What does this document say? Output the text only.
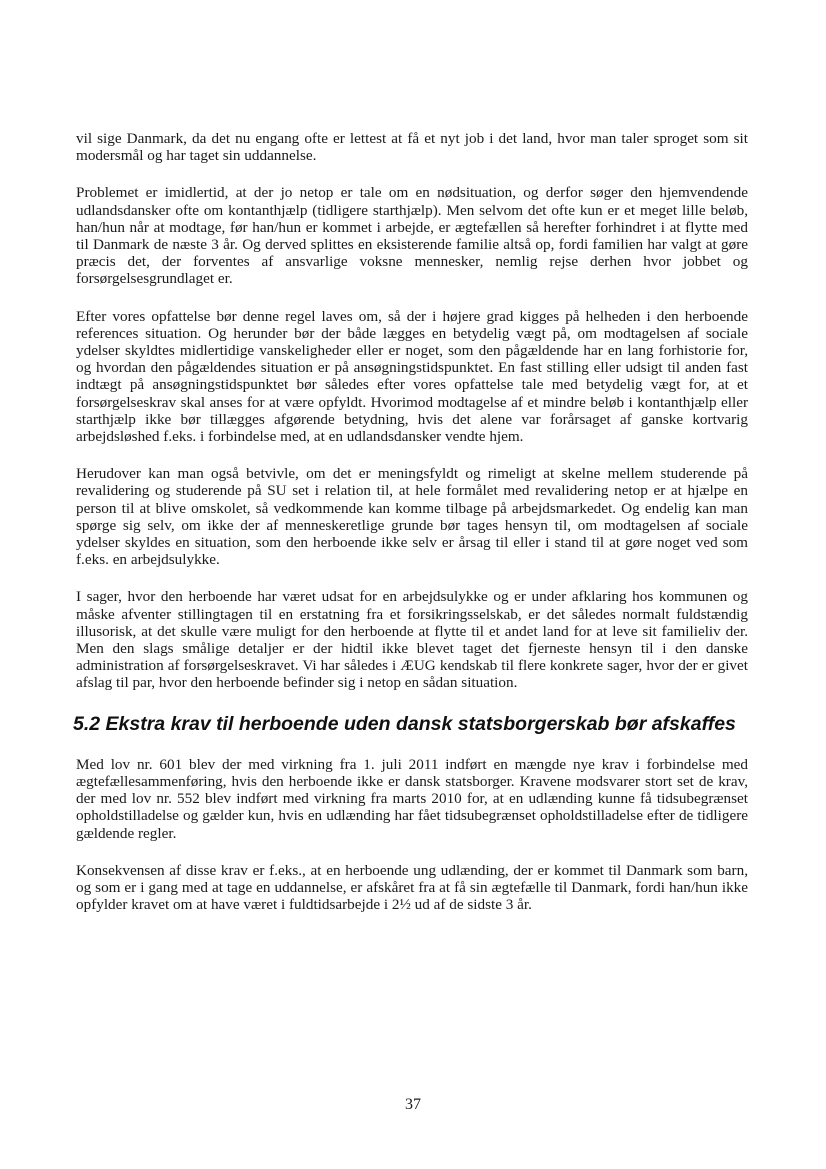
vil sige Danmark, da det nu engang ofte er lettest at få et nyt job i det land, hvor man taler sproget som sit modersmål og har taget sin uddannelse.

Problemet er imidlertid, at der jo netop er tale om en nødsituation, og derfor søger den hjemvendende udlandsdansker ofte om kontanthjælp (tidligere starthjælp). Men selvom det ofte kun er et meget lille beløb, han/hun når at modtage, før han/hun er kommet i arbejde, er ægtefællen så herefter forhindret i at flytte med til Danmark de næste 3 år. Og derved splittes en eksisterende familie altså op, fordi familien har valgt at gøre præcis det, der forventes af ansvarlige voksne mennesker, nemlig rejse derhen hvor jobbet og forsørgelsesgrundlaget er.

Efter vores opfattelse bør denne regel laves om, så der i højere grad kigges på helheden i den herboende references situation. Og herunder bør der både lægges en betydelig vægt på, om modtagelsen af sociale ydelser skyldtes midlertidige vanskeligheder eller er noget, som den pågældende har en lang forhistorie for, og hvordan den pågældendes situation er på ansøgningstidspunktet. En fast stilling eller udsigt til anden fast indtægt på ansøgningstidspunktet bør således efter vores opfattelse tale med betydelig vægt for, at et forsørgelseskrav skal anses for at være opfyldt. Hvorimod modtagelse af et mindre beløb i kontanthjælp eller starthjælp ikke bør tillægges afgørende betydning, hvis det alene var forårsaget af ganske kortvarig arbejdsløshed f.eks. i forbindelse med, at en udlandsdansker vendte hjem.

Herudover kan man også betvivle, om det er meningsfyldt og rimeligt at skelne mellem studerende på revalidering og studerende på SU set i relation til, at hele formålet med revalidering netop er at hjælpe en person til at blive omskolet, så vedkommende kan komme tilbage på arbejdsmarkedet. Og endelig kan man spørge sig selv, om ikke der af menneskeretlige grunde bør tages hensyn til, om modtagelsen af sociale ydelser skyldes en situation, som den herboende ikke selv er årsag til eller i stand til at gøre noget ved som f.eks. en arbejdsulykke.

I sager, hvor den herboende har været udsat for en arbejdsulykke og er under afklaring hos kommunen og måske afventer stillingtagen til en erstatning fra et forsikringsselskab, er det således normalt fuldstændig illusorisk, at det skulle være muligt for den herboende at flytte til et andet land for at leve sit familieliv der. Men den slags smålige detaljer er der hidtil ikke blevet taget det fjerneste hensyn til i den danske administration af forsørgelseskravet. Vi har således i ÆUG kendskab til flere konkrete sager, hvor der er givet afslag til par, hvor den herboende befinder sig i netop en sådan situation.

5.2 Ekstra krav til herboende uden dansk statsborgerskab bør afskaffes

Med lov nr. 601 blev der med virkning fra 1. juli 2011 indført en mængde nye krav i forbindelse med ægtefællesammenføring, hvis den herboende ikke er dansk statsborger. Kravene modsvarer stort set de krav, der med lov nr. 552 blev indført med virkning fra marts 2010 for, at en udlænding kunne få tidsubegrænset opholdstilladelse og gælder kun, hvis en udlænding har fået tidsubegrænset opholdstilladelse efter de tidligere gældende regler.

Konsekvensen af disse krav er f.eks., at en herboende ung udlænding, der er kommet til Danmark som barn, og som er i gang med at tage en uddannelse, er afskåret fra at få sin ægtefælle til Danmark, fordi han/hun ikke opfylder kravet om at have været i fuldtidsarbejde i 2½ ud af de sidste 3 år.

37
